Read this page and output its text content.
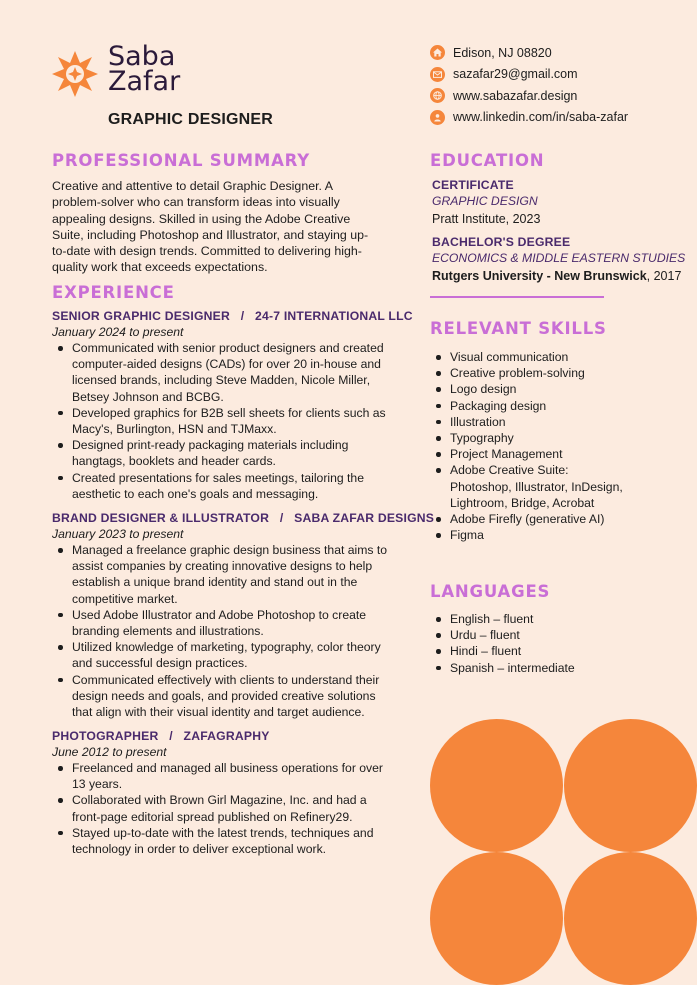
Saba
Zafar
GRAPHIC DESIGNER
Edison, NJ 08820
sazafar29@gmail.com
www.sabazafar.design
www.linkedin.com/in/saba-zafar
PROFESSIONAL SUMMARY
Creative and attentive to detail Graphic Designer. A problem-solver who can transform ideas into visually appealing designs. Skilled in using the Adobe Creative Suite, including Photoshop and Illustrator, and staying up-to-date with design trends. Committed to delivering high-quality work that exceeds expectations.
EXPERIENCE
SENIOR GRAPHIC DESIGNER   /   24-7 INTERNATIONAL LLC
January 2024 to present
Communicated with senior product designers and created computer-aided designs (CADs) for over 20 in-house and licensed brands, including Steve Madden, Nicole Miller, Betsey Johnson and BCBG.
Developed graphics for B2B sell sheets for clients such as Macy's, Burlington, HSN and TJMaxx.
Designed print-ready packaging materials including hangtags, booklets and header cards.
Created presentations for sales meetings, tailoring the aesthetic to each one's goals and messaging.
BRAND DESIGNER & ILLUSTRATOR   /   SABA ZAFAR DESIGNS
January 2023 to present
Managed a freelance graphic design business that aims to assist companies by creating innovative designs to help establish a unique brand identity and stand out in the competitive market.
Used Adobe Illustrator and Adobe Photoshop to create branding elements and illustrations.
Utilized knowledge of marketing, typography, color theory and successful design practices.
Communicated effectively with clients to understand their design needs and goals, and provided creative solutions that align with their visual identity and target audience.
PHOTOGRAPHER   /   ZAFAGRAPHY
June 2012 to present
Freelanced and managed all business operations for over 13 years.
Collaborated with Brown Girl Magazine, Inc. and had a front-page editorial spread published on Refinery29.
Stayed up-to-date with the latest trends, techniques and technology in order to deliver exceptional work.
EDUCATION
CERTIFICATE
GRAPHIC DESIGN
Pratt Institute, 2023
BACHELOR'S DEGREE
ECONOMICS & MIDDLE EASTERN STUDIES
Rutgers University - New Brunswick, 2017
RELEVANT SKILLS
Visual communication
Creative problem-solving
Logo design
Packaging design
Illustration
Typography
Project Management
Adobe Creative Suite: Photoshop, Illustrator, InDesign, Lightroom, Bridge, Acrobat
Adobe Firefly (generative AI)
Figma
LANGUAGES
English – fluent
Urdu – fluent
Hindi – fluent
Spanish – intermediate
